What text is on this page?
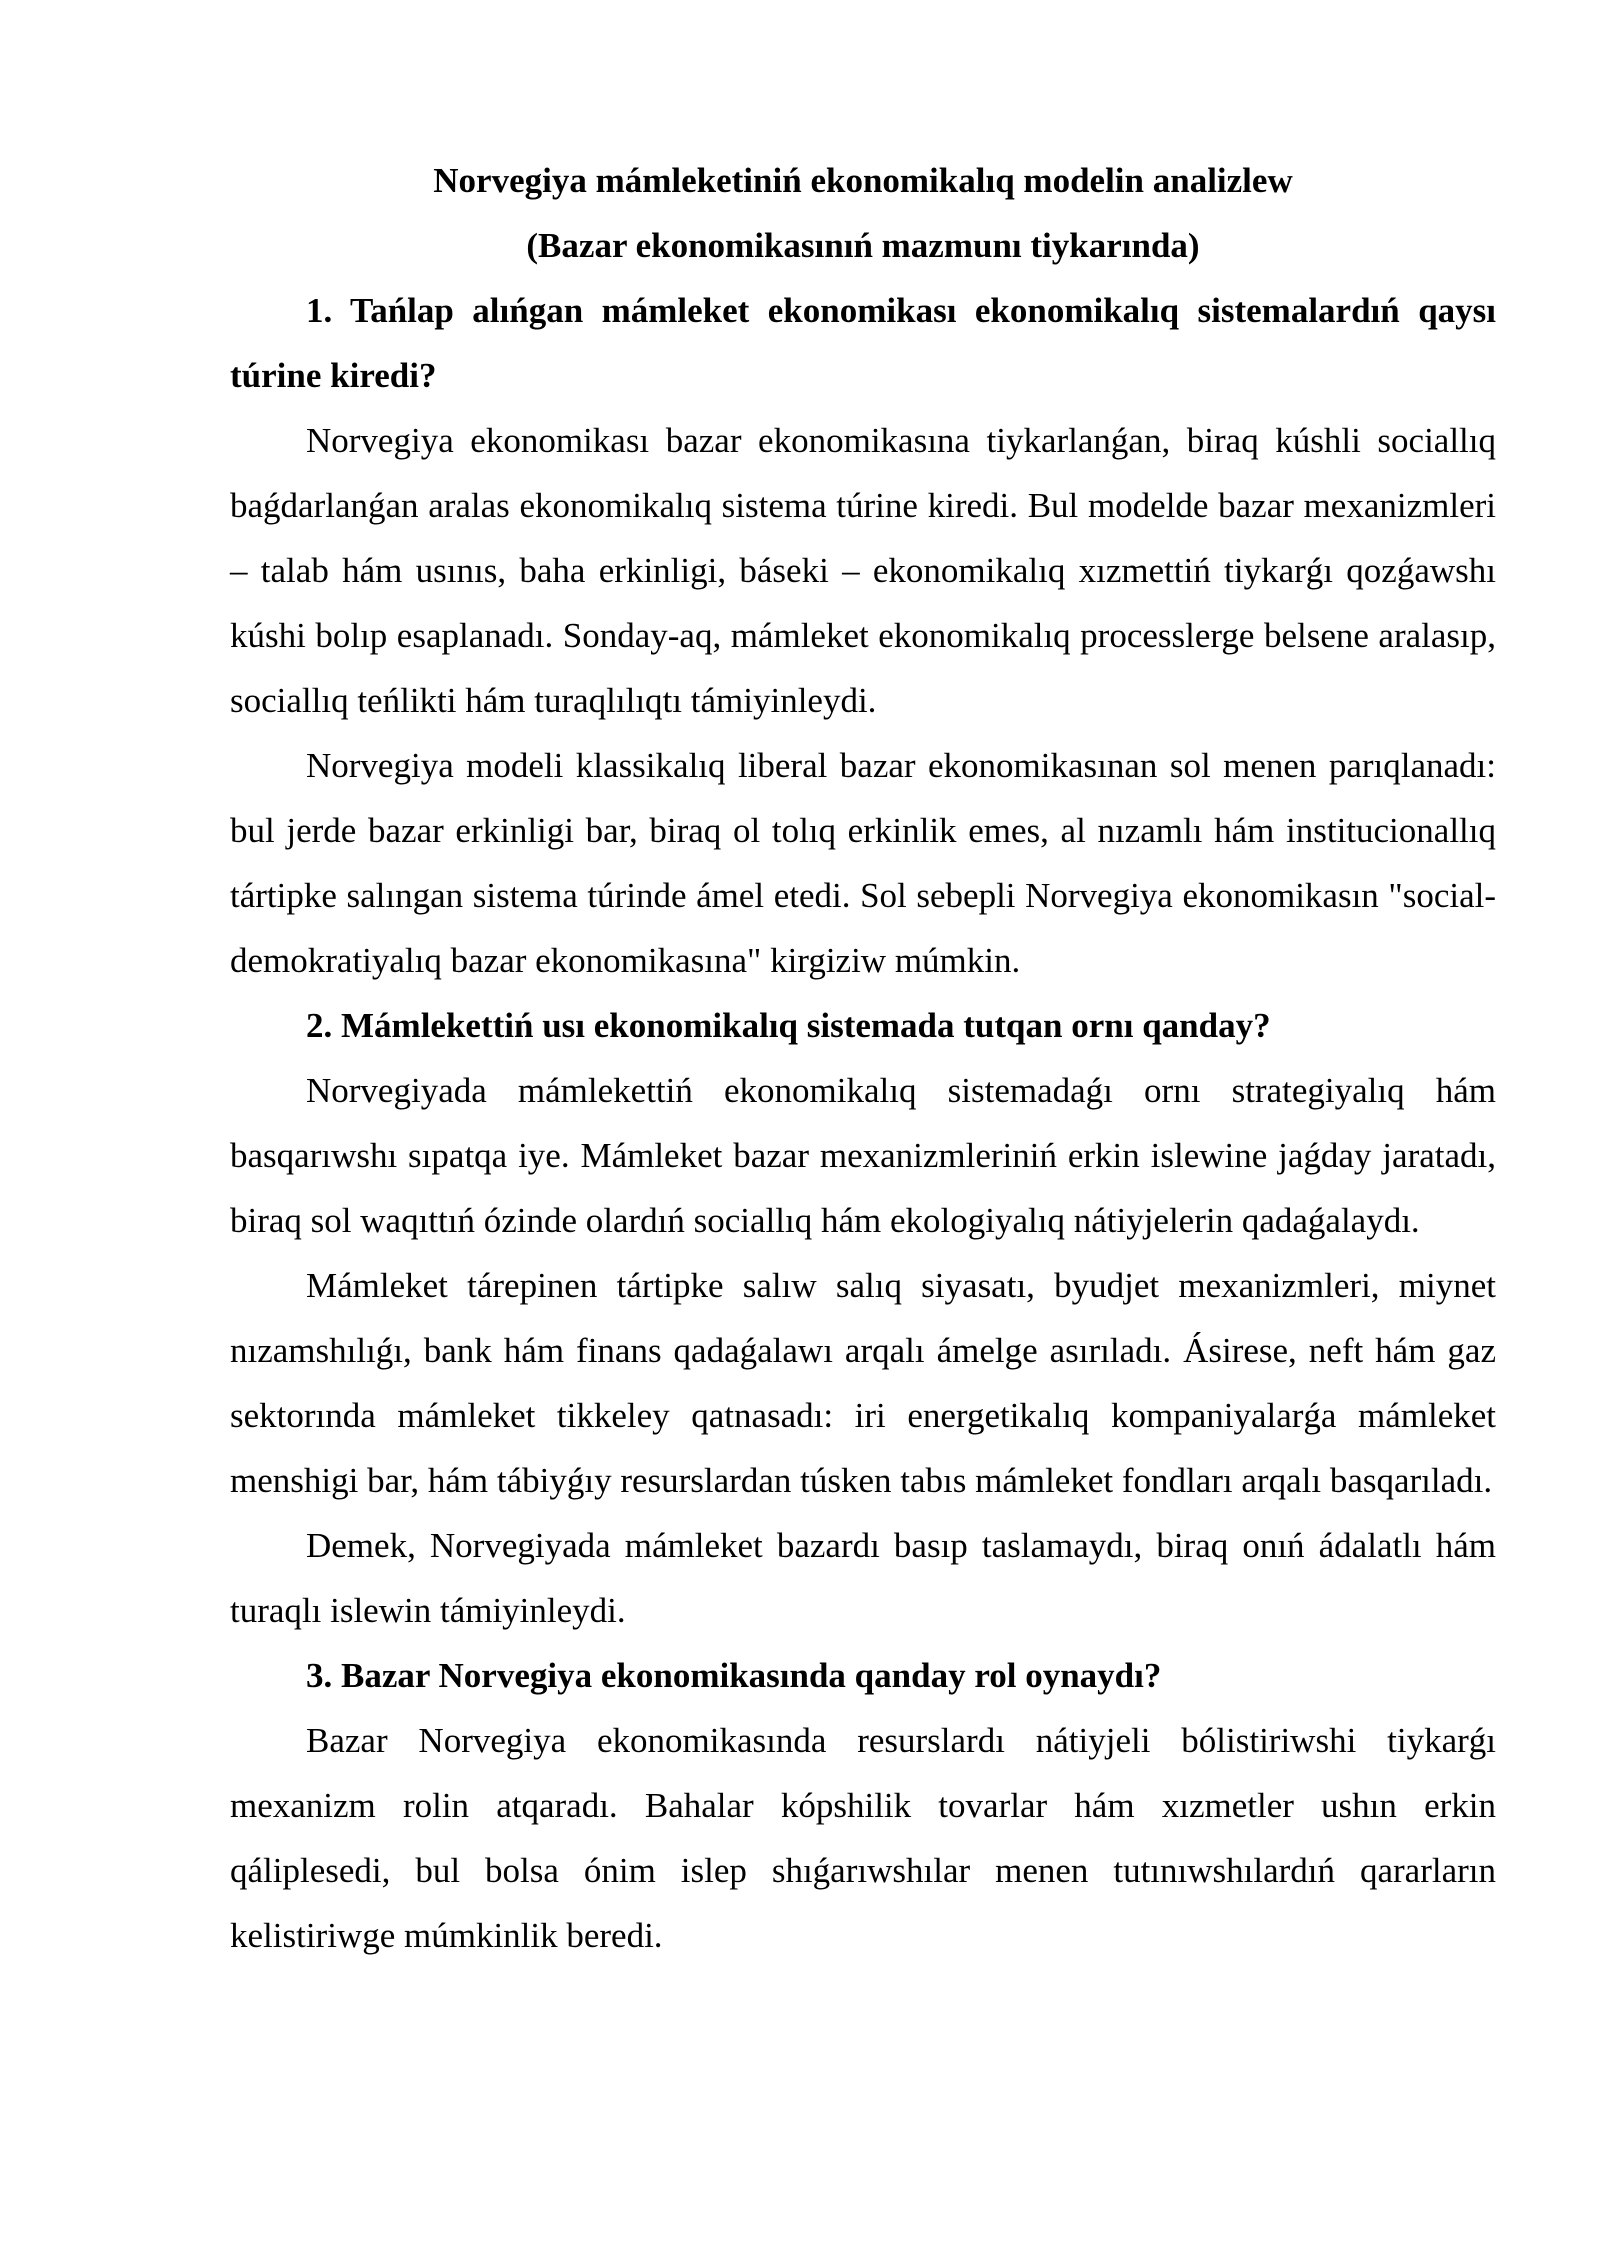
Norvegiya mámleketiniń ekonomikalıq modelin analizlew

(Bazar ekonomikasınıń mazmunı tiykarında)

1. Tańlap alıńgan mámleket ekonomikası ekonomikalıq sistemalardıń qaysı túrine kiredi?

Norvegiya ekonomikası bazar ekonomikasına tiykarlanǵan, biraq kúshli sociallıq baǵdarlanǵan aralas ekonomikalıq sistema túrine kiredi. Bul modelde bazar mexanizmleri – talab hám usınıs, baha erkinligi, báseki – ekonomikalıq xızmettiń tiykarǵı qozǵawshı kúshi bolıp esaplanadı. Sonday-aq, mámleket ekonomikalıq processlerge belsene aralasıp, sociallıq teńlikti hám turaqlılıqtı támiyinleydi.

Norvegiya modeli klassikalıq liberal bazar ekonomikasınan sol menen parıqlanadı: bul jerde bazar erkinligi bar, biraq ol tolıq erkinlik emes, al nızamlı hám institucionallıq tártipke salıngan sistema túrinde ámel etedi. Sol sebepli Norvegiya ekonomikasın "social-demokratiyalıq bazar ekonomikasına" kirgiziw múmkin.

2. Mámlekettiń usı ekonomikalıq sistemada tutqan ornı qanday?

Norvegiyada mámlekettiń ekonomikalıq sistemadaǵı ornı strategiyalıq hám basqarıwshı sıpatqa iye. Mámleket bazar mexanizmleriniń erkin islewine jaǵday jaratadı, biraq sol waqıttıń ózinde olardıń sociallıq hám ekologiyalıq nátiyjelerin qadaǵalaydı.

Mámleket tárepinen tártipke salıw salıq siyasatı, byudjet mexanizmleri, miynet nızamshılıǵı, bank hám finans qadaǵalawı arqalı ámelge asırıladı. Ásirese, neft hám gaz sektorında mámleket tikkeley qatnasadı: iri energetikalıq kompaniyalarǵa mámleket menshigi bar, hám tábiyǵıy resurslardan túsken tabıs mámleket fondları arqalı basqarıladı.

Demek, Norvegiyada mámleket bazardı basıp taslamaydı, biraq onıń ádalatlı hám turaqlı islewin támiyinleydi.

3. Bazar Norvegiya ekonomikasında qanday rol oynaydı?

Bazar Norvegiya ekonomikasında resurslardı nátiyjeli bólistiriwshi tiykarǵı mexanizm rolin atqaradı. Bahalar kópshilik tovarlar hám xızmetler ushın erkin qáliplesedi, bul bolsa ónim islep shıǵarıwshılar menen tutınıwshılardıń qararların kelistiriwge múmkinlik beredi.
